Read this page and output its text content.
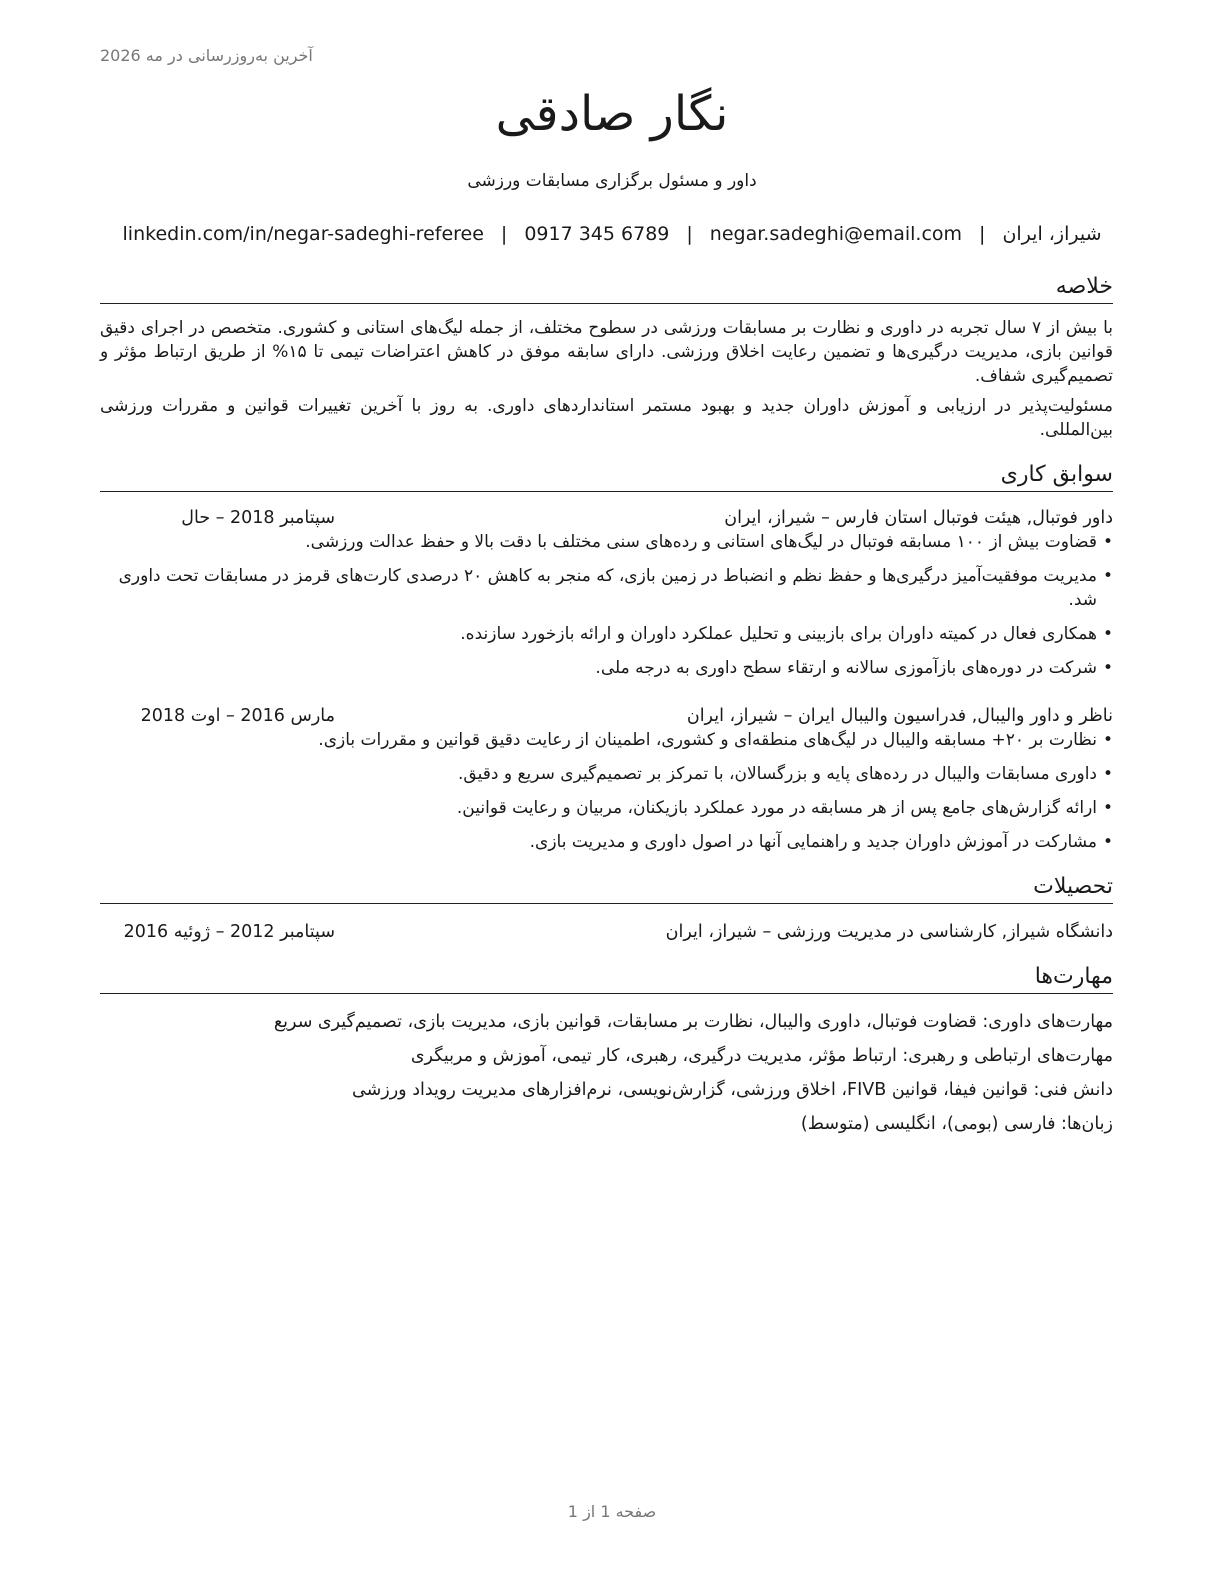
آخرین به‌روزرسانی در مه 2026
نگار صادقی
داور و مسئول برگزاری مسابقات ورزشی
شیراز، ایران
|
negar.sadeghi@email.com
|
0917 345 6789
|
linkedin.com/in/negar-sadeghi-referee
خلاصه

با بیش از ۷ سال تجربه در داوری و نظارت بر مسابقات ورزشی در سطوح مختلف، از جمله لیگ‌های استانی و کشوری. متخصص در اجرای دقیق قوانین بازی، مدیریت درگیری‌ها و تضمین رعایت اخلاق ورزشی. دارای سابقه موفق در کاهش اعتراضات تیمی تا ۱۵% از طریق ارتباط مؤثر و تصمیم‌گیری شفاف.

مسئولیت‌پذیر در ارزیابی و آموزش داوران جدید و بهبود مستمر استانداردهای داوری. به روز با آخرین تغییرات قوانین و مقررات ورزشی بین‌المللی.

سوابق کاری
داور فوتبال, هیئت فوتبال استان فارس – شیراز، ایران
سپتامبر 2018 – حال
•
قضاوت بیش از ۱۰۰ مسابقه فوتبال در لیگ‌های استانی و رده‌های سنی مختلف با دقت بالا و حفظ عدالت ورزشی.
•
مدیریت موفقیت‌آمیز درگیری‌ها و حفظ نظم و انضباط در زمین بازی، که منجر به کاهش ۲۰ درصدی کارت‌های قرمز در مسابقات تحت داوری شد.
•
همکاری فعال در کمیته داوران برای بازبینی و تحلیل عملکرد داوران و ارائه بازخورد سازنده.
•
شرکت در دوره‌های بازآموزی سالانه و ارتقاء سطح داوری به درجه ملی.
ناظر و داور والیبال, فدراسیون والیبال ایران – شیراز، ایران
مارس 2016 – اوت 2018
•
نظارت بر ۲۰+ مسابقه والیبال در لیگ‌های منطقه‌ای و کشوری، اطمینان از رعایت دقیق قوانین و مقررات بازی.
•
داوری مسابقات والیبال در رده‌های پایه و بزرگسالان، با تمرکز بر تصمیم‌گیری سریع و دقیق.
•
ارائه گزارش‌های جامع پس از هر مسابقه در مورد عملکرد بازیکنان، مربیان و رعایت قوانین.
•
مشارکت در آموزش داوران جدید و راهنمایی آنها در اصول داوری و مدیریت بازی.
تحصیلات
دانشگاه شیراز, کارشناسی در مدیریت ورزشی – شیراز، ایران
سپتامبر 2012 – ژوئیه 2016
مهارت‌ها
مهارت‌های داوری: قضاوت فوتبال، داوری والیبال، نظارت بر مسابقات، قوانین بازی، مدیریت بازی، تصمیم‌گیری سریع
مهارت‌های ارتباطی و رهبری: ارتباط مؤثر، مدیریت درگیری، رهبری، کار تیمی، آموزش و مربیگری
دانش فنی: قوانین فیفا، قوانین FIVB، اخلاق ورزشی، گزارش‌نویسی، نرم‌افزارهای مدیریت رویداد ورزشی
زبان‌ها: فارسی (بومی)، انگلیسی (متوسط)
صفحه 1 از 1
